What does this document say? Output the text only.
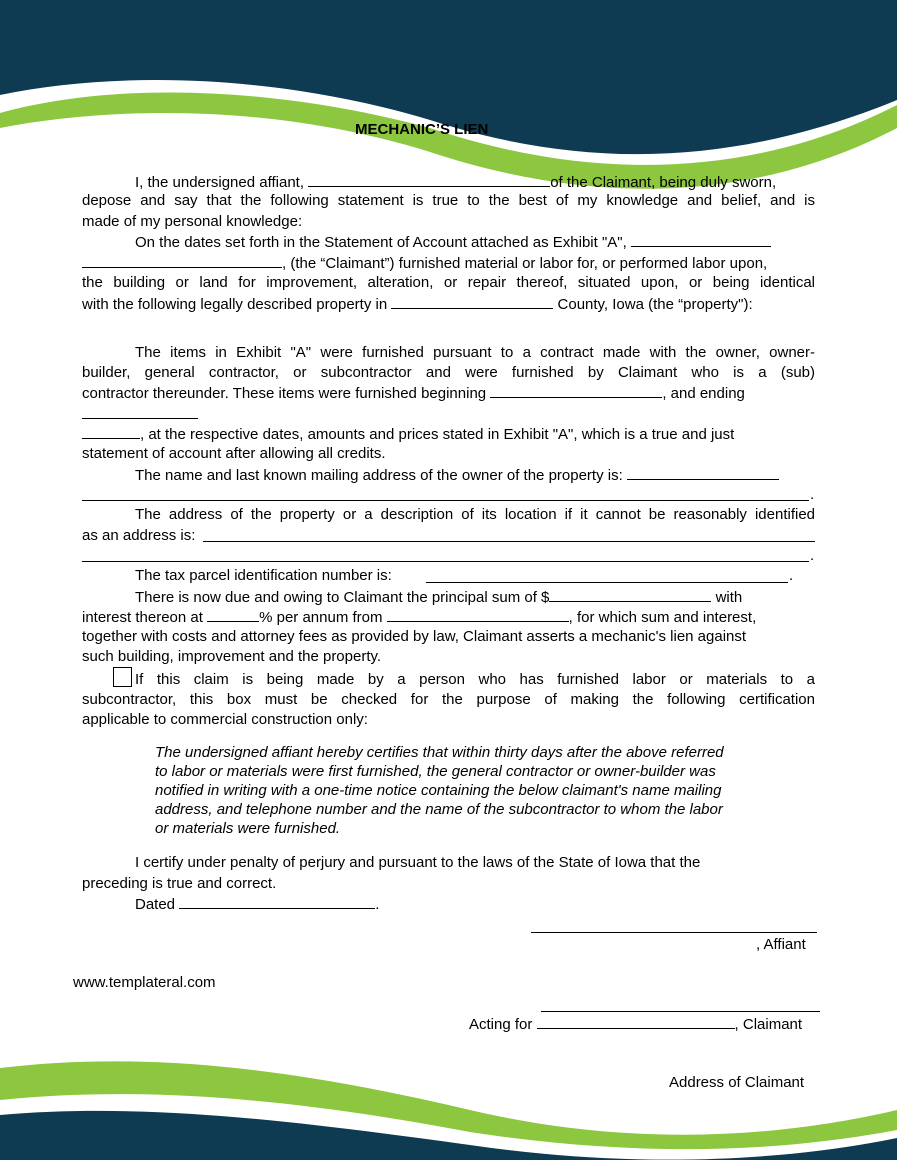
MECHANIC’S LIEN
I, the undersigned affiant,	of the Claimant, being duly sworn,
depose and say that the following statement is true to the best of my knowledge and belief, and is
made of my personal knowledge:
On the dates set forth in the Statement of Account attached as Exhibit "A",
, (the “Claimant”) furnished material or labor for, or performed labor upon,
the building or land for improvement, alteration, or repair thereof, situated upon, or being identical
with the following legally described property in	County, Iowa (the “property"):
The items in Exhibit "A" were furnished pursuant to a contract made with the owner, owner-
builder, general contractor, or subcontractor and were furnished by Claimant who is a (sub)
contractor thereunder. These items were furnished beginning	, and ending
, at the respective dates, amounts and prices stated in Exhibit "A", which is a true and just
statement of account after allowing all credits.
The name and last known mailing address of the owner of the property is:
.
The address of the property or a description of its location if it cannot be reasonably identified
as an address is:
.
The tax parcel identification number is:	.
There is now due and owing to Claimant the principal sum of $	with
interest thereon at	% per annum from	, for which sum and interest,
together with costs and attorney fees as provided by law, Claimant asserts a mechanic's lien against
such building, improvement and the property.
If this claim is being made by a person who has furnished labor or materials to a
subcontractor, this box must be checked for the purpose of making the following certification
applicable to commercial construction only:
The undersigned affiant hereby certifies that within thirty days after the above referred
to labor or materials were first furnished, the general contractor or owner-builder was
notified in writing with a one-time notice containing the below claimant's name mailing
address, and telephone number and the name of the subcontractor to whom the labor
or materials were furnished.
I certify under penalty of perjury and pursuant to the laws of the State of Iowa that the
preceding is true and correct.
Dated	.
, Affiant
www.templateral.com
Acting for	, Claimant
Address of Claimant
